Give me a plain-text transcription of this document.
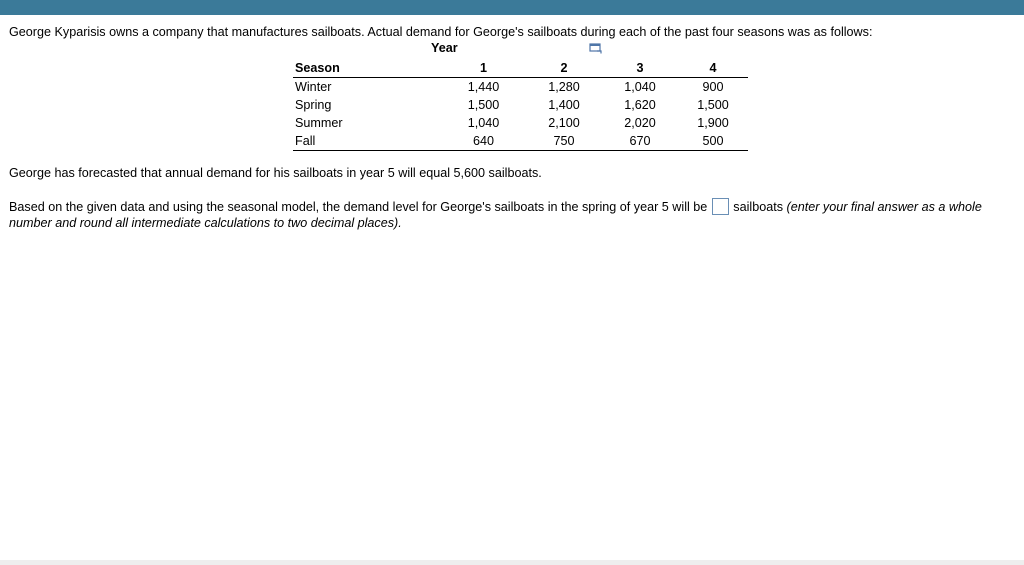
George Kyparisis owns a company that manufactures sailboats. Actual demand for George's sailboats during each of the past four seasons was as follows:
Year
Season	1	2	3	4
Winter	1,440	1,280	1,040	900
Spring	1,500	1,400	1,620	1,500
Summer	1,040	2,100	2,020	1,900
Fall	640	750	670	500
George has forecasted that annual demand for his sailboats in year 5 will equal 5,600 sailboats.
Based on the given data and using the seasonal model, the demand level for George's sailboats in the spring of year 5 will be sailboats
(enter your final answer as a whole
number and round all intermediate calculations to two decimal places).
